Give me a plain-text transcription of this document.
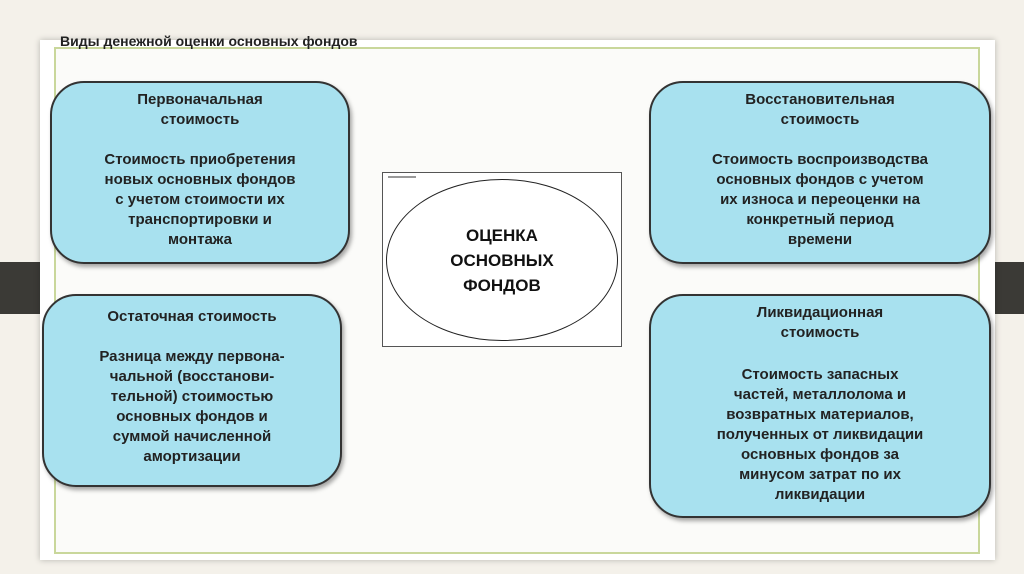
Виды денежной оценки основных фондов
Первоначальная
стоимость
Стоимость приобретения
новых основных фондов
с учетом стоимости их
транспортировки и
монтажа
Восстановительная
стоимость
Стоимость воспроизводства
основных фондов с учетом
их износа и переоценки на
конкретный период
времени
Остаточная стоимость
Разница между первона-
чальной (восстанови-
тельной) стоимостью
основных фондов и
суммой начисленной
амортизации
Ликвидационная
стоимость
Стоимость запасных
частей, металлолома и
возвратных материалов,
полученных от ликвидации
основных фондов за
минусом затрат по их
ликвидации
ОЦЕНКА
ОСНОВНЫХ
ФОНДОВ
